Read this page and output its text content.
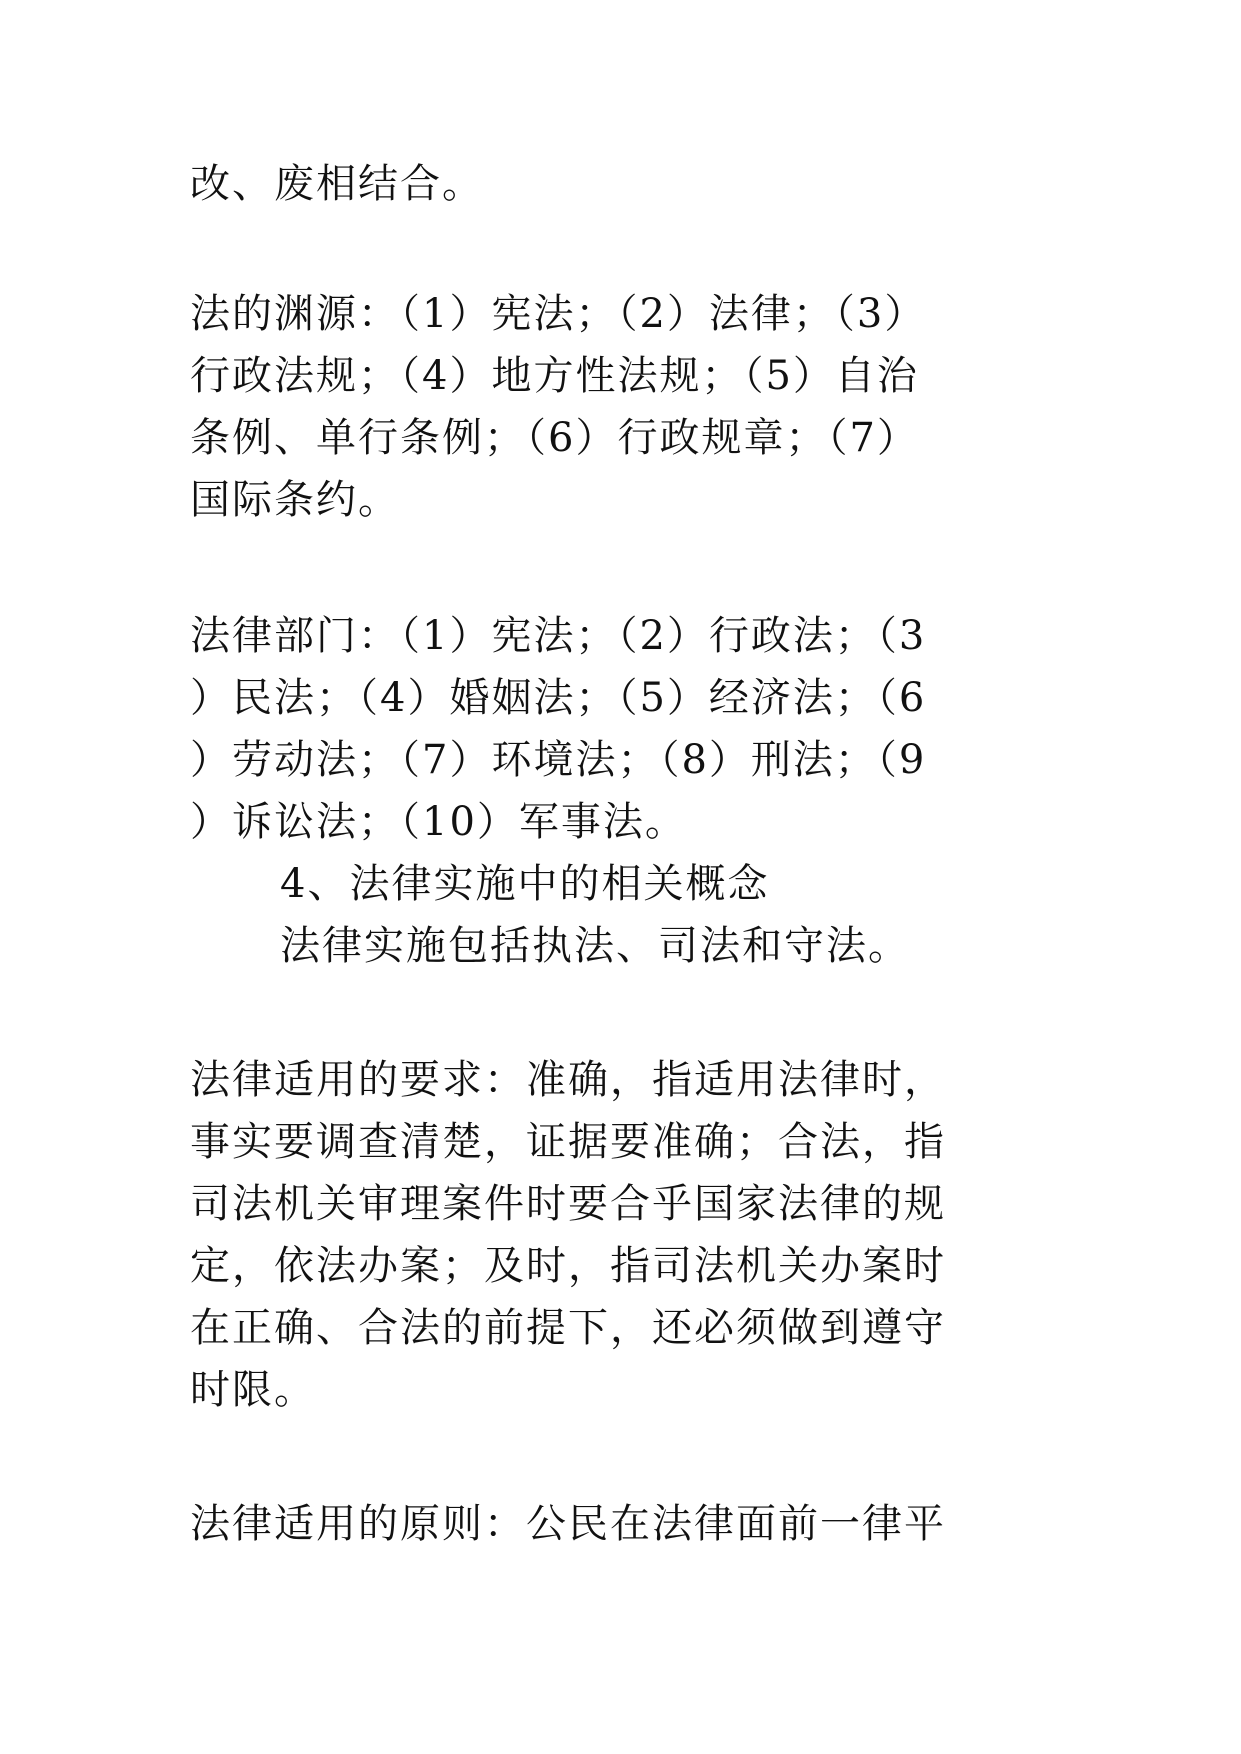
改、废相结合。
法的渊源：（1）宪法；（2）法律；（3）
行政法规；（4）地方性法规；（5）自治
条例、单行条例；（6）行政规章；（7）
国际条约。
法律部门：（1）宪法；（2）行政法；（3
）民法；（4）婚姻法；（5）经济法；（6
）劳动法；（7）环境法；（8）刑法；（9
）诉讼法；（10）军事法。
4、法律实施中的相关概念
法律实施包括执法、司法和守法。
法律适用的要求：准确，指适用法律时，
事实要调查清楚，证据要准确；合法，指
司法机关审理案件时要合乎国家法律的规
定，依法办案；及时，指司法机关办案时
在正确、合法的前提下，还必须做到遵守
时限。
法律适用的原则：公民在法律面前一律平
